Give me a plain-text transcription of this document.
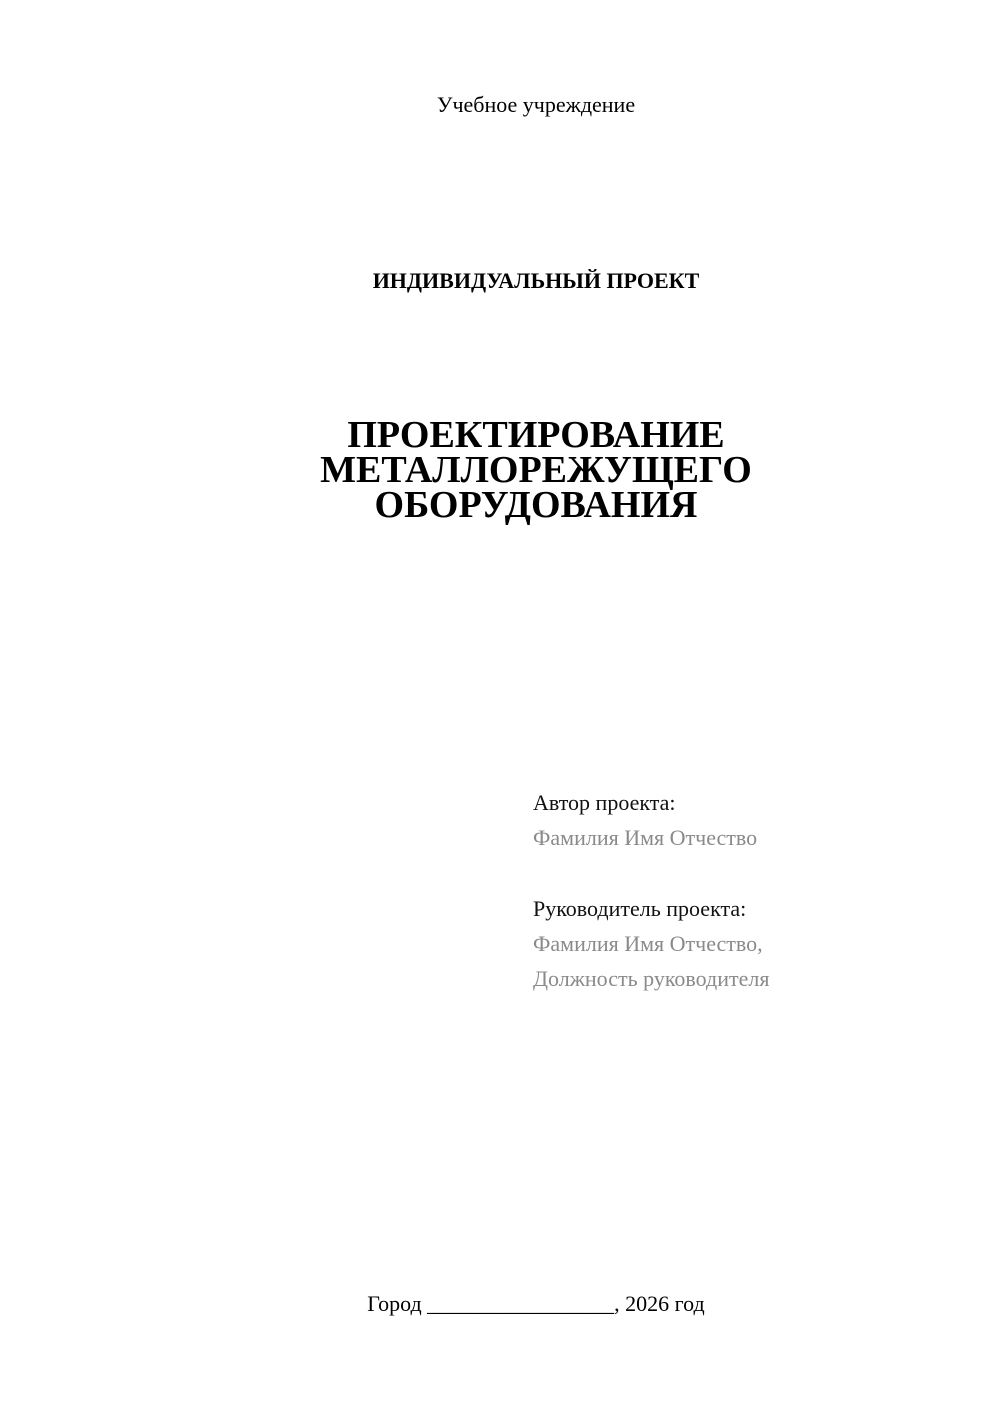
Учебное учреждение
ИНДИВИДУАЛЬНЫЙ ПРОЕКТ
ПРОЕКТИРОВАНИЕ
МЕТАЛЛОРЕЖУЩЕГО
ОБОРУДОВАНИЯ
Автор проекта:
Фамилия Имя Отчество
Руководитель проекта:
Фамилия Имя Отчество,
Должность руководителя
Город _________________, 2026 год
